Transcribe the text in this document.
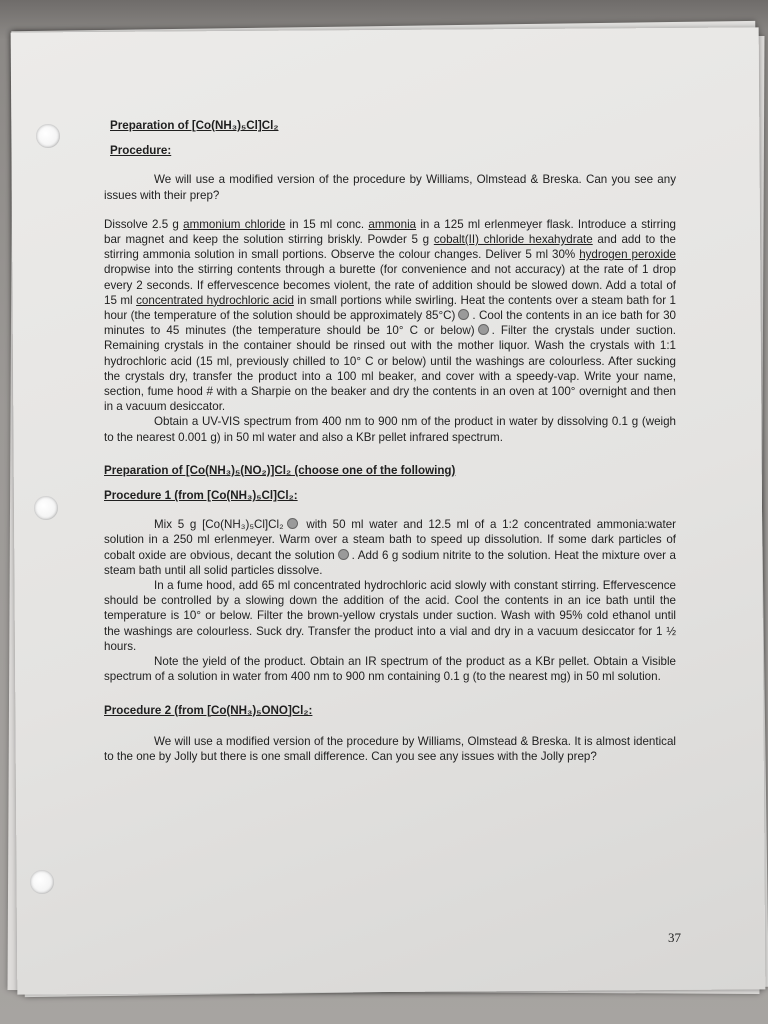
Preparation of [Co(NH₃)₅Cl]Cl₂

Procedure:

We will use a modified version of the procedure by Williams, Olmstead & Breska. Can you see any issues with their prep?

Dissolve 2.5 g ammonium chloride in 15 ml conc. ammonia in a 125 ml erlenmeyer flask. Introduce a stirring bar magnet and keep the solution stirring briskly. Powder 5 g cobalt(II) chloride hexahydrate and add to the stirring ammonia solution in small portions. Observe the colour changes. Deliver 5 ml 30% hydrogen peroxide dropwise into the stirring contents through a burette (for convenience and not accuracy) at the rate of 1 drop every 2 seconds. If effervescence becomes violent, the rate of addition should be slowed down. Add a total of 15 ml concentrated hydrochloric acid in small portions while swirling. Heat the contents over a steam bath for 1 hour (the temperature of the solution should be approximately 85°C) . Cool the contents in an ice bath for 30 minutes to 45 minutes (the temperature should be 10° C or below) . Filter the crystals under suction. Remaining crystals in the container should be rinsed out with the mother liquor. Wash the crystals with 1:1 hydrochloric acid (15 ml, previously chilled to 10° C or below) until the washings are colourless. After sucking the crystals dry, transfer the product into a 100 ml beaker, and cover with a speedy-vap. Write your name, section, fume hood # with a Sharpie on the beaker and dry the contents in an oven at 100° overnight and then in a vacuum desiccator.

Obtain a UV-VIS spectrum from 400 nm to 900 nm of the product in water by dissolving 0.1 g (weigh to the nearest 0.001 g) in 50 ml water and also a KBr pellet infrared spectrum.

Preparation of [Co(NH₃)₅(NO₂)]Cl₂ (choose one of the following)

Procedure 1 (from [Co(NH₃)₅Cl]Cl₂:

Mix 5 g [Co(NH₃)₅Cl]Cl₂ with 50 ml water and 12.5 ml of a 1:2 concentrated ammonia:water solution in a 250 ml erlenmeyer. Warm over a steam bath to speed up dissolution. If some dark particles of cobalt oxide are obvious, decant the solution . Add 6 g sodium nitrite to the solution. Heat the mixture over a steam bath until all solid particles dissolve.

In a fume hood, add 65 ml concentrated hydrochloric acid slowly with constant stirring. Effervescence should be controlled by a slowing down the addition of the acid. Cool the contents in an ice bath until the temperature is 10° or below. Filter the brown-yellow crystals under suction. Wash with 95% cold ethanol until the washings are colourless. Suck dry. Transfer the product into a vial and dry in a vacuum desiccator for 1 ½ hours.

Note the yield of the product. Obtain an IR spectrum of the product as a KBr pellet. Obtain a Visible spectrum of a solution in water from 400 nm to 900 nm containing 0.1 g (to the nearest mg) in 50 ml solution.

Procedure 2 (from [Co(NH₃)₅ONO]Cl₂:

We will use a modified version of the procedure by Williams, Olmstead & Breska. It is almost identical to the one by Jolly but there is one small difference. Can you see any issues with the Jolly prep?

37
